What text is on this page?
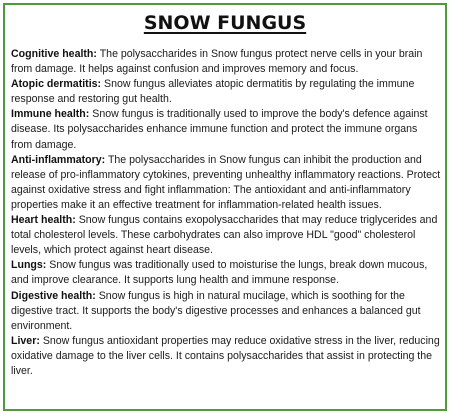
SNOW FUNGUS

Cognitive health: The polysaccharides in Snow fungus protect nerve cells in your brain from damage. It helps against confusion and improves memory and focus.

Atopic dermatitis: Snow fungus alleviates atopic dermatitis by regulating the immune response and restoring gut health.

Immune health: Snow fungus is traditionally used to improve the body's defence against disease. Its polysaccharides enhance immune function and protect the immune organs from damage.

Anti-inflammatory: The polysaccharides in Snow fungus can inhibit the production and release of pro-inflammatory cytokines, preventing unhealthy inflammatory reactions. Protect against oxidative stress and fight inflammation: The antioxidant and anti-inflammatory properties make it an effective treatment for inflammation-related health issues.

Heart health: Snow fungus contains exopolysaccharides that may reduce triglycerides and total cholesterol levels. These carbohydrates can also improve HDL "good" cholesterol levels, which protect against heart disease.

Lungs: Snow fungus was traditionally used to moisturise the lungs, break down mucous, and improve clearance. It supports lung health and immune response.

Digestive health: Snow fungus is high in natural mucilage, which is soothing for the digestive tract. It supports the body's digestive processes and enhances a balanced gut environment.

Liver: Snow fungus antioxidant properties may reduce oxidative stress in the liver, reducing oxidative damage to the liver cells. It contains polysaccharides that assist in protecting the liver.
